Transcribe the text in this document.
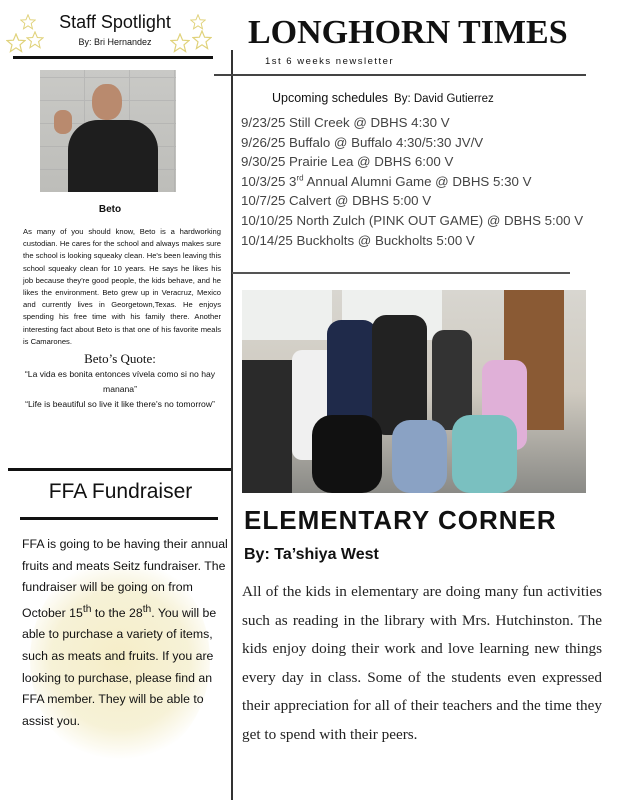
Staff Spotlight
By: Bri Hernandez
Beto
As many of you should know, Beto is a hardworking custodian. He cares for the school and always makes sure the school is looking squeaky clean. He's been leaving this school squeaky clean for 10 years. He says he likes his job because they're good people, the kids behave, and he likes the environment. Beto grew up in Veracruz, Mexico and currently lives in Georgetown,Texas. He enjoys spending his free time with his family there. Another interesting fact about Beto is that one of his favorite meals is Camarones.
Beto’s Quote:
“La vida es bonita entonces vívela como si no hay manana”
“Life is beautiful so live it like there's no tomorrow”
FFA Fundraiser
FFA is going to be having their annual fruits and meats Seitz fundraiser. The fundraiser will be going on from October 15th to the 28th. You will be able to purchase a variety of items, such as meats and fruits. If you are looking to purchase, please find an FFA member. They will be able to assist you.
LONGHORN TIMES
1st 6 weeks newsletter
Upcoming schedules By: David Gutierrez
9/23/25 Still Creek @ DBHS 4:30 V
9/26/25 Buffalo @ Buffalo 4:30/5:30 JV/V
9/30/25 Prairie Lea @ DBHS 6:00 V
10/3/25 3rd Annual Alumni Game @ DBHS 5:30 V
10/7/25 Calvert @ DBHS 5:00 V
10/10/25 North Zulch (PINK OUT GAME) @ DBHS 5:00 V
10/14/25 Buckholts @ Buckholts 5:00 V
ELEMENTARY CORNER
By: Ta’shiya West
All of the kids in elementary are doing many fun activities such as reading in the library with Mrs. Hutchinston. The kids enjoy doing their work and love learning new things every day in class. Some of the students even expressed their appreciation for all of their teachers and the time they get to spend with their peers.
